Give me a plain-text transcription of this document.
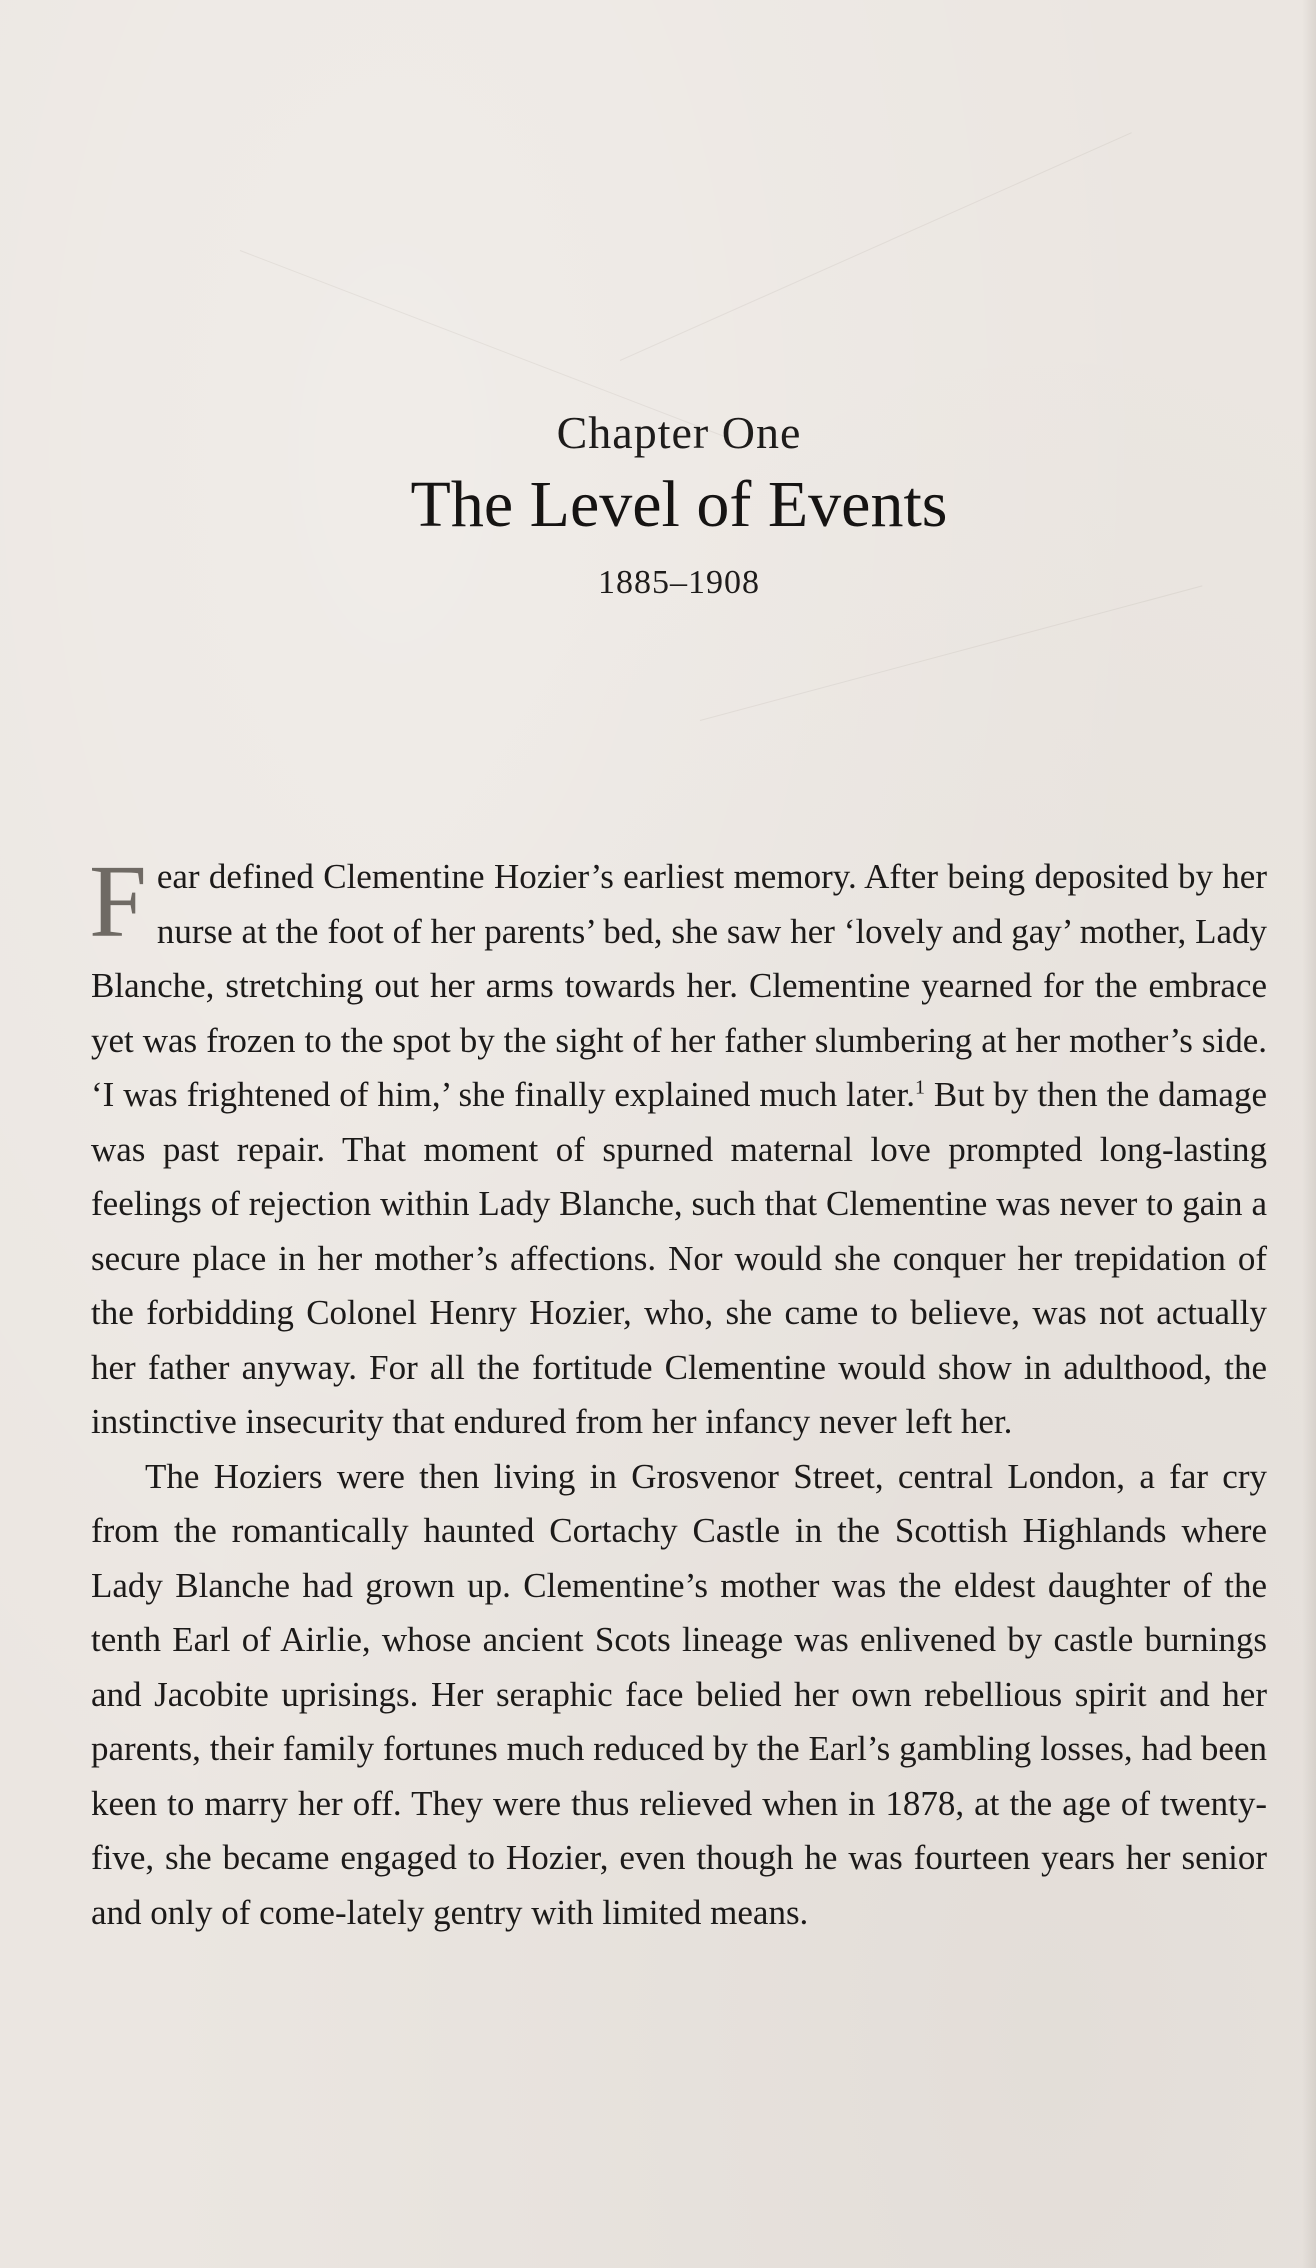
Chapter One
The Level of Events
1885–1908

Fear defined Clementine Hozier’s earliest memory. After being deposited by her nurse at the foot of her parents’ bed, she saw her ‘lovely and gay’ mother, Lady Blanche, stretching out her arms towards her. Clementine yearned for the embrace yet was frozen to the spot by the sight of her father slumbering at her mother’s side. ‘I was frightened of him,’ she finally explained much later.$^1$ But by then the damage was past repair. That moment of spurned maternal love prompted long-lasting feelings of rejection within Lady Blanche, such that Clementine was never to gain a secure place in her mother’s affections. Nor would she conquer her trepidation of the forbidding Colonel Henry Hozier, who, she came to believe, was not actually her father anyway. For all the fortitude Clementine would show in adulthood, the instinctive insecurity that endured from her infancy never left her.

The Hoziers were then living in Grosvenor Street, central London, a far cry from the romantically haunted Cortachy Castle in the Scottish Highlands where Lady Blanche had grown up. Clementine’s mother was the eldest daughter of the tenth Earl of Airlie, whose ancient Scots lineage was enlivened by castle burnings and Jacobite uprisings. Her seraphic face belied her own rebellious spirit and her parents, their family fortunes much reduced by the Earl’s gambling losses, had been keen to marry her off. They were thus relieved when in 1878, at the age of twenty-five, she became engaged to Hozier, even though he was fourteen years her senior and only of come-lately gentry with limited means.
